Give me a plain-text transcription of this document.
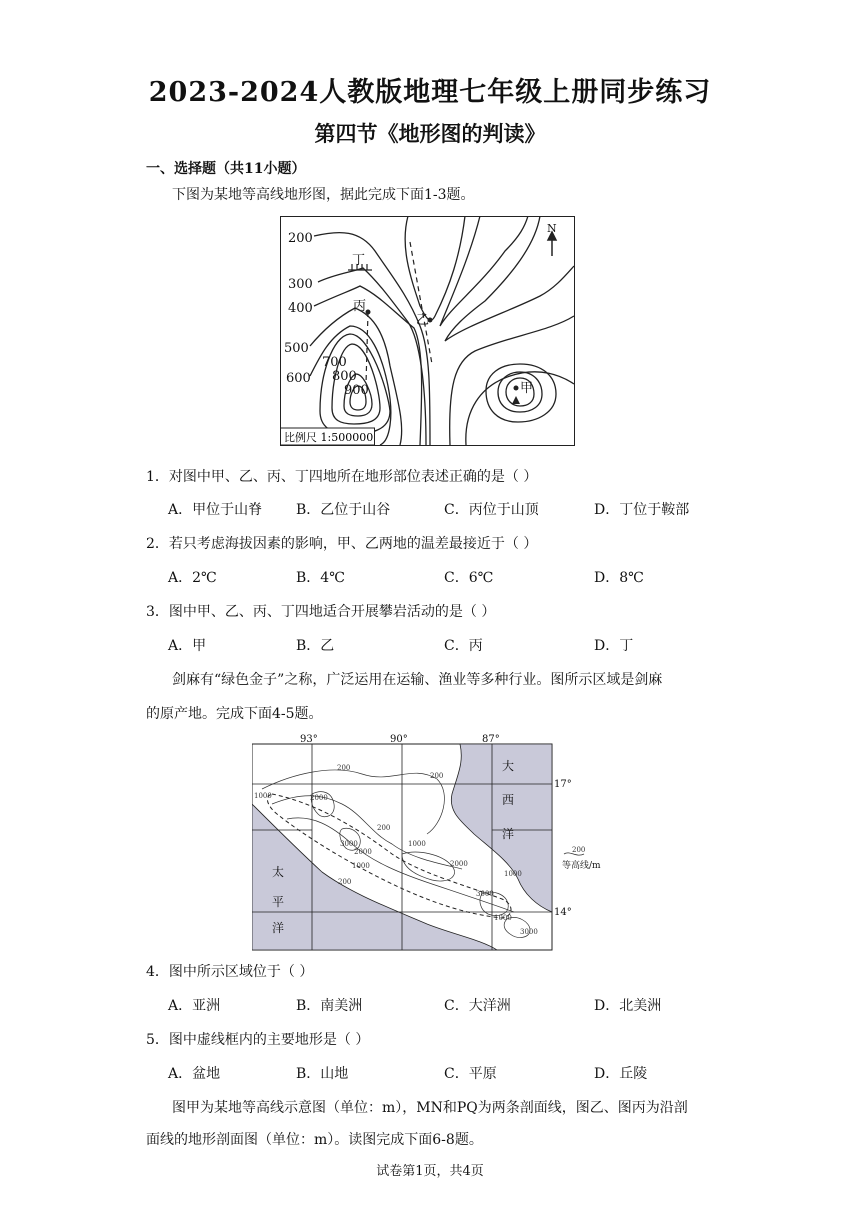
2023-2024人教版地理七年级上册同步练习
第四节《地形图的判读》
一、选择题（共11小题）
下图为某地等高线地形图，据此完成下面1-3题。
200
300
400
500
600
700
800
900
丁
丙
乙
甲
N
比例尺 1:500000
1．对图中甲、乙、丙、丁四地所在地形部位表述正确的是（ ）
A．甲位于山脊 B．乙位于山谷	C．丙位于山顶	D．丁位于鞍部
2．若只考虑海拔因素的影响，甲、乙两地的温差最接近于（ ）
A．2℃	B．4℃	C．6℃	D．8℃
3．图中甲、乙、丙、丁四地适合开展攀岩活动的是（ ）
A．甲	B．乙	C．丙	D．丁
剑麻有“绿色金子”之称，广泛运用在运输、渔业等多种行业。图所示区域是剑麻
的原产地。完成下面4-5题。
93°	90°	87°
17°
14°
大
西
洋
太
平
洋
200
200
200
200
1000
1000
1000
1000
1000
2000
2000
2000
3000
3000
3000
200
等高线/m
4．图中所示区域位于（ ）
A．亚洲	B．南美洲	C．大洋洲	D．北美洲
5．图中虚线框内的主要地形是（ ）
A．盆地	B．山地	C．平原	D．丘陵
图甲为某地等高线示意图（单位：m），MN和PQ为两条剖面线，图乙、图丙为沿剖
面线的地形剖面图（单位：m）。读图完成下面6-8题。
试卷第1页，共4页
